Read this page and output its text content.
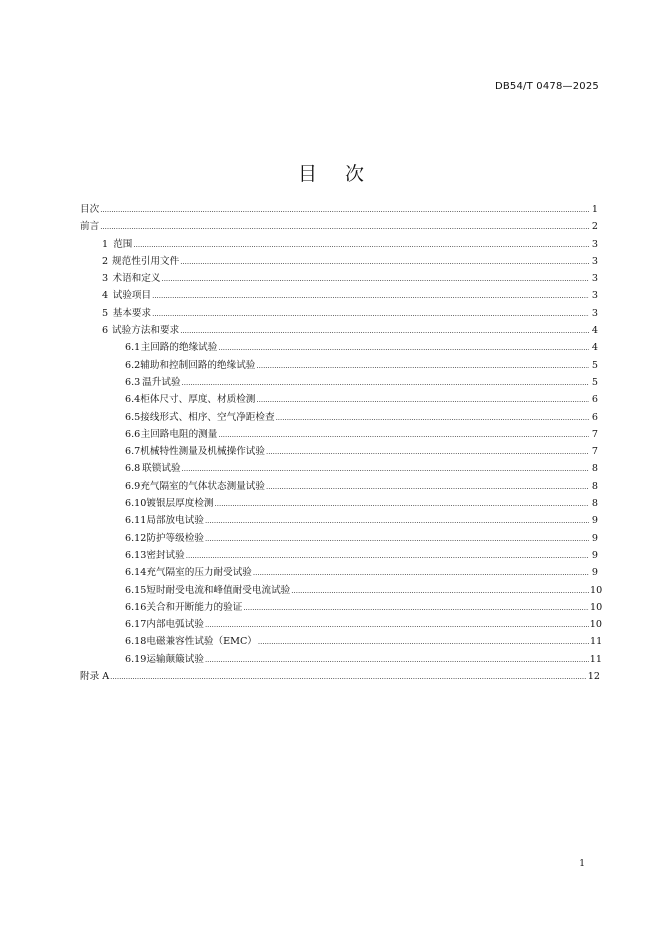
DB54/T 0478—2025
目 次
目次 .....	1
前言 .....	2
1 范围 .....	3
2 规范性引用文件 .....	3
3 术语和定义 .....	3
4 试验项目 .....	3
5 基本要求 .....	3
6 试验方法和要求 .....	4
6.1 主回路的绝缘试验 .....	4
6.2 辅助和控制回路的绝缘试验 .....	5
6.3 温升试验 .....	5
6.4 柜体尺寸、厚度、材质检测 .....	6
6.5 接线形式、相序、空气净距检查 .....	6
6.6 主回路电阻的测量 .....	7
6.7 机械特性测量及机械操作试验 .....	7
6.8 联锁试验 .....	8
6.9 充气隔室的气体状态测量试验 .....	8
6.10 镀银层厚度检测 .....	8
6.11 局部放电试验 .....	9
6.12 防护等级检验 .....	9
6.13 密封试验 .....	9
6.14 充气隔室的压力耐受试验 .....	9
6.15 短时耐受电流和峰值耐受电流试验 .....	10
6.16 关合和开断能力的验证 .....	10
6.17 内部电弧试验 .....	10
6.18 电磁兼容性试验（EMC） .....	11
6.19 运输颠簸试验 .....	11
附录 A .....	12
1
